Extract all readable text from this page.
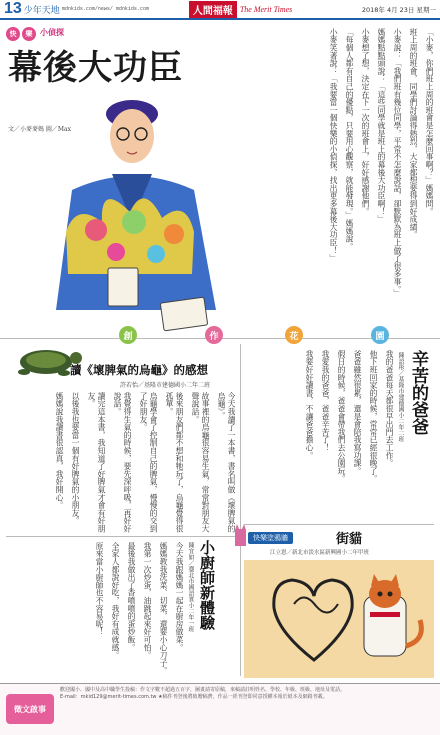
13 少年天地 mdnkids.com/news/ mdnkids.com	人間福報 The Merit Times	2018年 4月 23日 星期一
快	樂 小偵探
幕後大功臣
文／小麥麥媽 圖／Max	「小麥，你們班上周的班會是怎麼回事啊？」媽媽問。
班上周的班會，同學們討論得熱烈，大家都想要得到好成績。
小麥說：「我們班有幾位同學，平常不怎麼說話，卻默默為班上做了很多事。」
媽媽點點頭說：「這些同學就是班上的幕後大功臣啊！」
小麥想了想，決定在下一次的班會上，好好感謝他們。
「每個人都有自己的優點，只要用心觀察，就能發現。」媽媽說。
小麥笑著說：「我要當一個快樂的小偵探，找出更多幕後大功臣！」
創	作	花	園
讀《壞脾氣的烏龜》的感想
許若怡／基隆市建德國小二年二班
今天我讀了一本書，書名叫做《壞脾氣的烏龜》。
故事裡的烏龜很容易生氣，常常對朋友大聲說話。
後來朋友們都不想和牠玩了，烏龜覺得很孤單。
烏龜學會了控制自己的脾氣，慢慢的交到了好朋友。
我覺得生氣的時候，要先深呼吸，再好好說話。
讀完這本書，我知道了好脾氣才會有好朋友。
以後我也要當一個有好脾氣的小朋友。
媽媽說我讀書很認真，我好開心。	辛苦的爸爸
陳語彤／基隆市建德國小二年二班
我的爸爸每天都很早出門去工作。
他下班回家的時候，常常已經很晚了。
爸爸雖然很累，還是會陪我寫功課。
假日的時候，爸爸會帶我們去公園玩。
我愛我的爸爸，爸爸辛苦了！
我要好好讀書，不讓爸爸擔心。
小廚師新體驗
陳宜如／臺北市國語實小二年一班
今天我跟媽媽一起在廚房做菜。
媽媽教我洗菜、切菜，還要小心刀子。
我第一次炒蛋，油跳起來好可怕。
最後我做出了香噴噴的蛋炒飯。
全家人都說好吃，我好有成就感。
原來當小廚師也不容易呢！
快樂塗鴉牆	街貓
江立恩／新北市淡水區新興國小二年甲班
歡迎國小、國中及高中職學生投稿：作文字數不超過五百字，圖畫請寄原稿，來稿請註明姓名、學校、年級、班級、地址及電話。
E-mail：mkid129@merit-times.com.tw ★稿件刊登後將致贈稿費，作品一經刊登即同意授權本報於紙本及網路刊載。
徵文啟事
